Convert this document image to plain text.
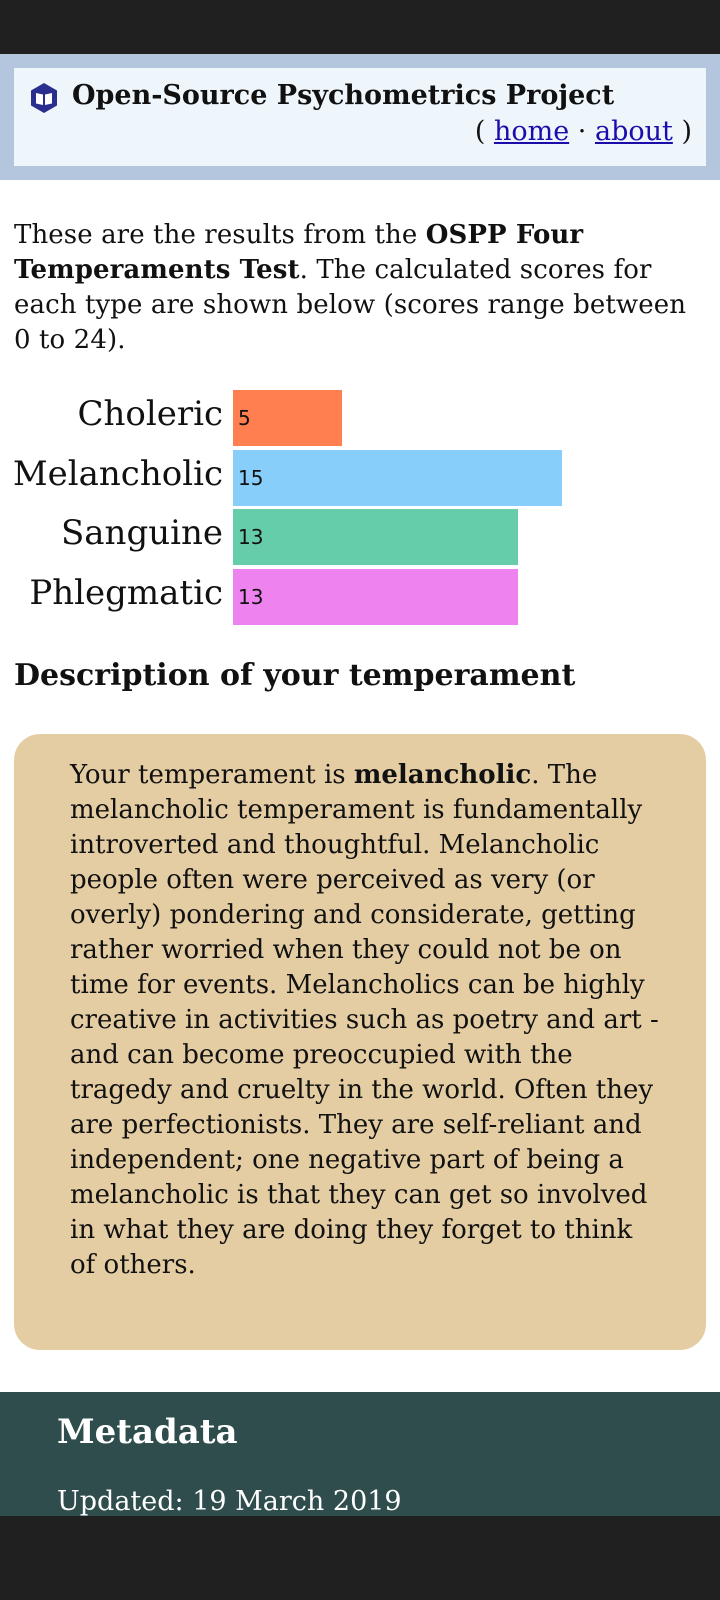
Open-Source Psychometrics Project
( home · about )
These are the results from the OSPP Four Temperaments Test. The calculated scores for each type are shown below (scores range between 0 to 24).
Choleric 5
Melancholic 15
Sanguine 13
Phlegmatic 13
Description of your temperament
Your temperament is melancholic. The melancholic temperament is fundamentally introverted and thoughtful. Melancholic people often were perceived as very (or overly) pondering and considerate, getting rather worried when they could not be on time for events. Melancholics can be highly creative in activities such as poetry and art - and can become preoccupied with the tragedy and cruelty in the world. Often they are perfectionists. They are self-reliant and independent; one negative part of being a melancholic is that they can get so involved in what they are doing they forget to think of others.
Metadata
Updated: 19 March 2019
